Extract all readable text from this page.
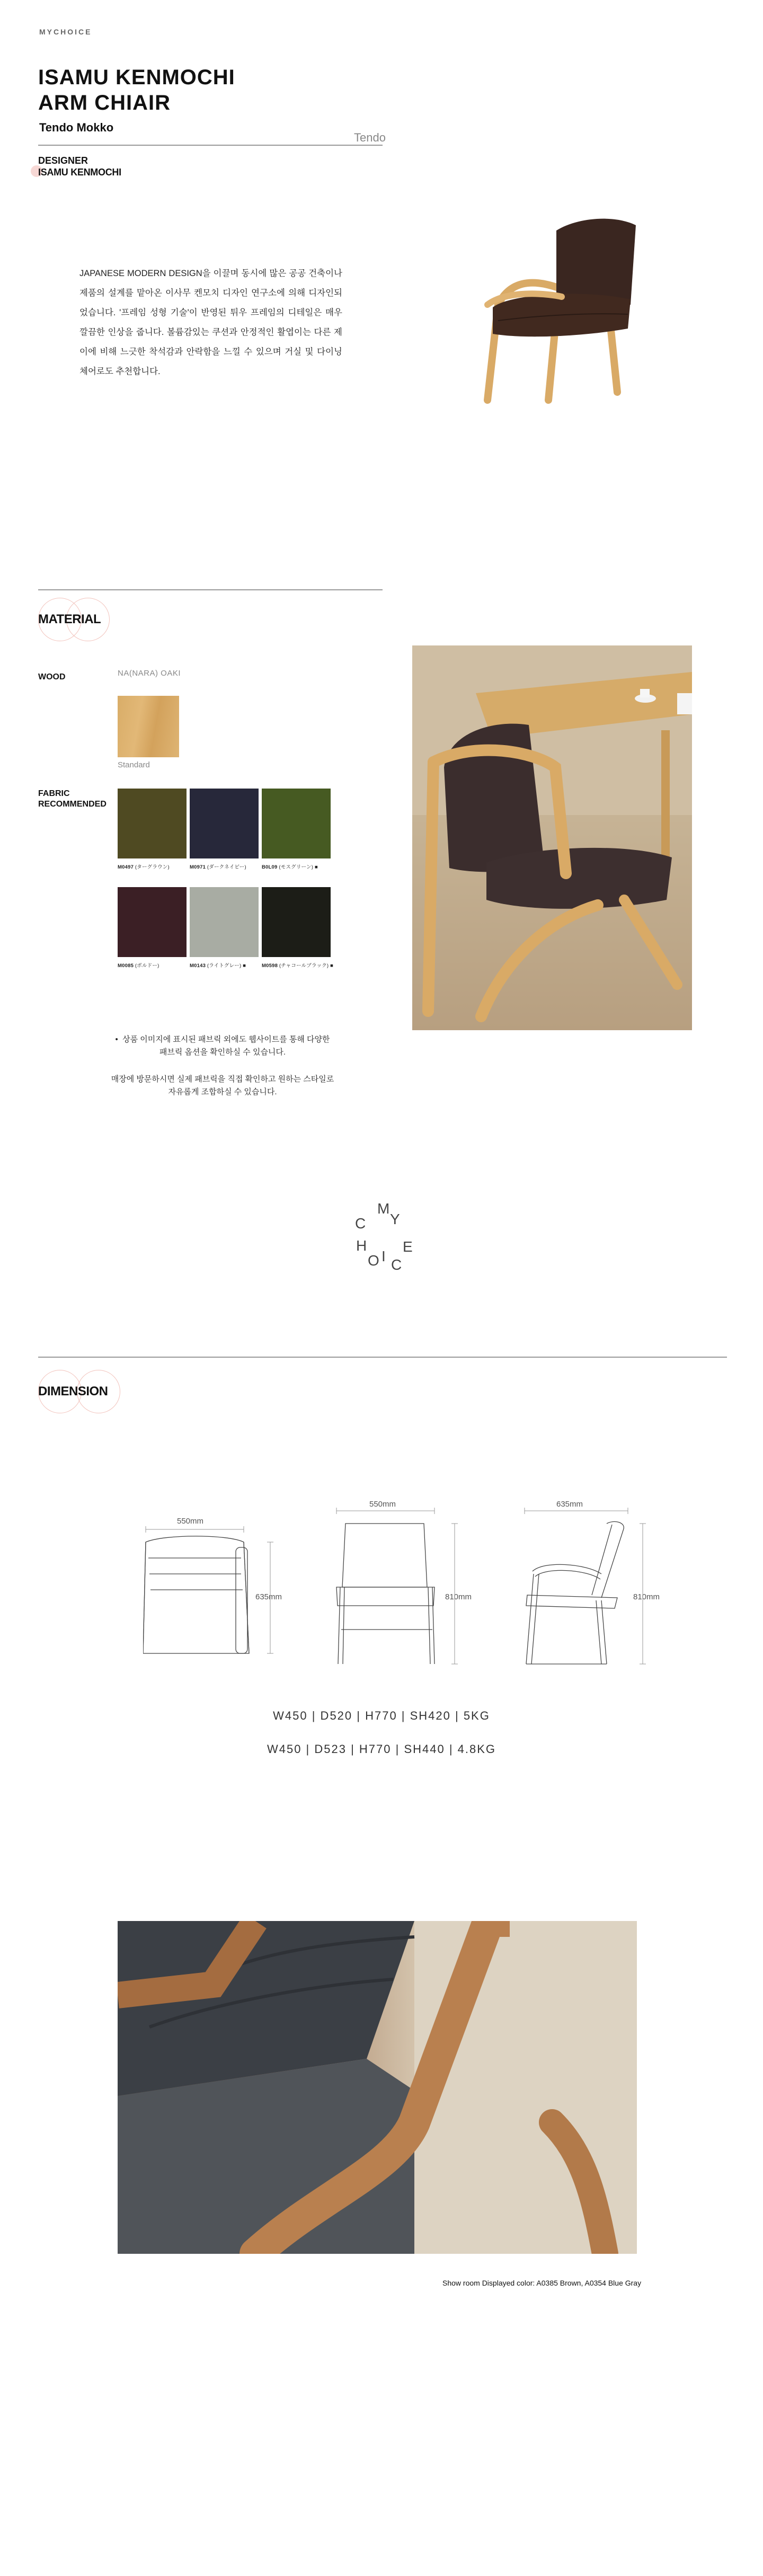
MYCHOICE
ISAMU KENMOCHI
ARM CHIAIR
Tendo Mokko
Tendo
DESIGNER
ISAMU KENMOCHI
JAPANESE MODERN DESIGN을 이끌며 동시에 많은 공공 건축이나 제품의 설계를 맡아온 이사무 켄모치 디자인 연구소에 의해 디자인되었습니다. '프레임 성형 기술'이 반영된 튀우 프레임의 디테일은 매우 깔끔한 인상을 줍니다. 볼륨감있는 쿠션과 안정적인 활엽이는 다른 제이에 비해 느긋한 착석감과 안락함을 느낄 수 있으며 거실 및 다이닝 체어로도 추천합니다.
MATERIAL
WOOD	NA(NARA) OAKI
Standard
FABRIC
RECOMMENDED
M0497 (ターグラウン)	M0971 (ダークネイビー)	B0L09 (モスグリーン) ■
M0085 (ボルドー)	M0143 (ライトグレー) ■	M0598 (チャコールブラック) ■
•  상품 이미지에 표시된 패브릭 외에도 웹사이트를 통해 다양한
패브릭 옵션을 확인하실 수 있습니다.
매장에 방문하시면 실제 패브릭을 직접 확인하고 원하는 스타일로
자유롭게 조합하실 수 있습니다.
M
Y
C
H
O I
C
E
DIMENSION
550mm
635mm
550mm
810mm
635mm
810mm
W450 | D520 | H770 | SH420 | 5KG
W450 | D523 | H770 | SH440 | 4.8KG
Show room Displayed color: A0385 Brown, A0354 Blue Gray
